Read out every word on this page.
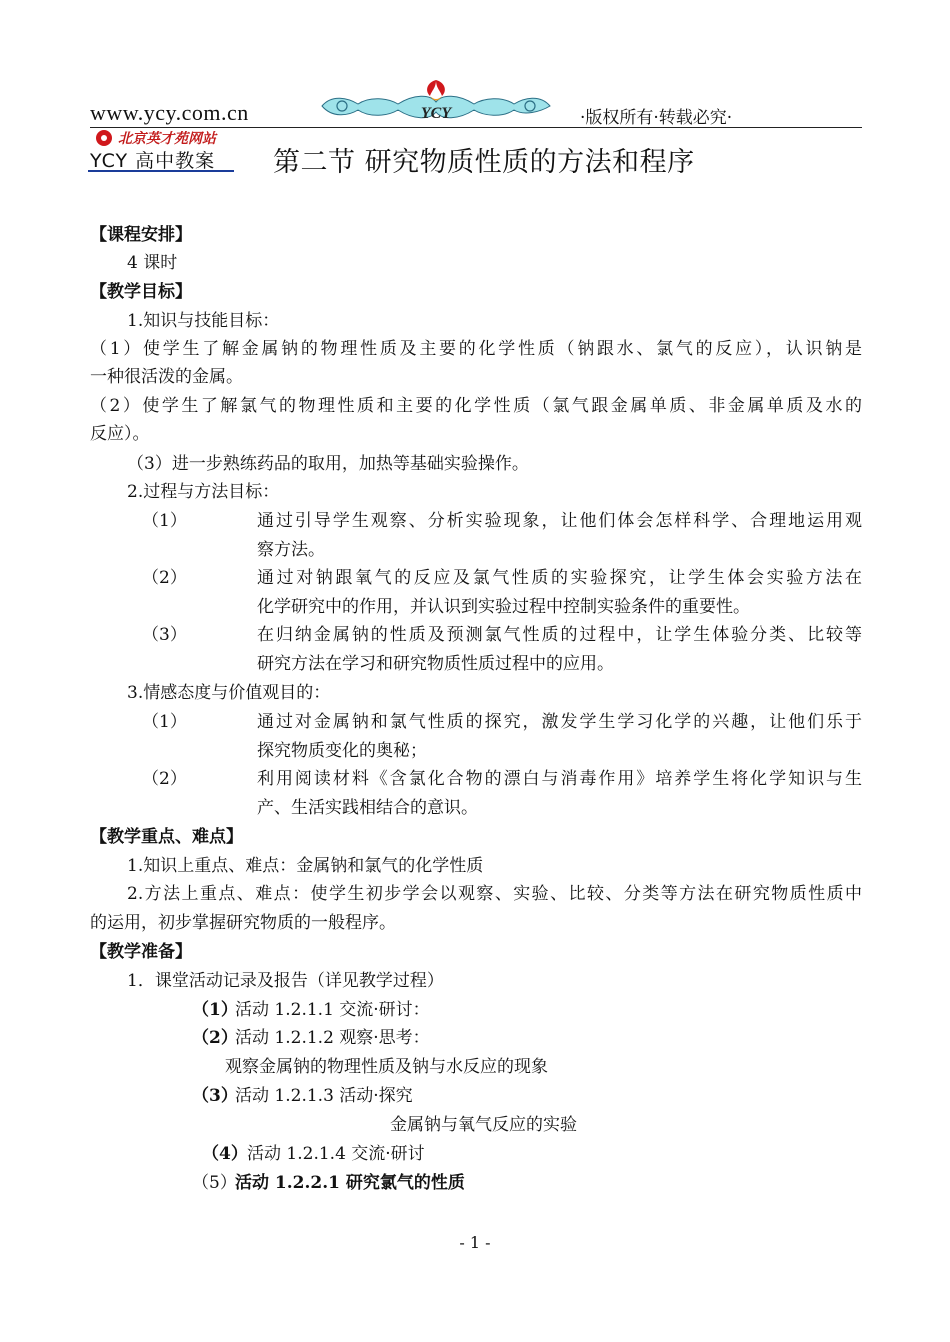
www.ycy.com.cn	YCY	·版权所有·转载必究·
北京英才苑网站
YCY 高中教案 第二节 研究物质性质的方法和程序
【课程安排】
4 课时
【教学目标】
1.知识与技能目标：
（1）使学生了解金属钠的物理性质及主要的化学性质（钠跟水、氯气的反应），认识钠是
一种很活泼的金属。
（2）使学生了解氯气的物理性质和主要的化学性质（氯气跟金属单质、非金属单质及水的
反应）。
（3）进一步熟练药品的取用，加热等基础实验操作。
2.过程与方法目标：
（1）	通过引导学生观察、分析实验现象，让他们体会怎样科学、合理地运用观
察方法。
（2）	通过对钠跟氧气的反应及氯气性质的实验探究，让学生体会实验方法在
化学研究中的作用，并认识到实验过程中控制实验条件的重要性。
（3）	在归纳金属钠的性质及预测氯气性质的过程中，让学生体验分类、比较等
研究方法在学习和研究物质性质过程中的应用。
3.情感态度与价值观目的：
（1）	通过对金属钠和氯气性质的探究，激发学生学习化学的兴趣，让他们乐于
探究物质变化的奥秘；
（2）	利用阅读材料《含氯化合物的漂白与消毒作用》培养学生将化学知识与生
产、生活实践相结合的意识。
【教学重点、难点】
1.知识上重点、难点：金属钠和氯气的化学性质
2.方法上重点、难点：使学生初步学会以观察、实验、比较、分类等方法在研究物质性质中
的运用，初步掌握研究物质的一般程序。
【教学准备】
1．课堂活动记录及报告（详见教学过程）
（1）
活动 1.2.1.1 交流·研讨：
（2）
活动 1.2.1.2 观察·思考：
观察金属钠的物理性质及钠与水反应的现象
（3）
活动 1.2.1.3 活动·探究
金属钠与氧气反应的实验
（4） 活动 1.2.1.4 交流·研讨
（5）
活动 1.2.2.1 研究氯气的性质
- 1 -
